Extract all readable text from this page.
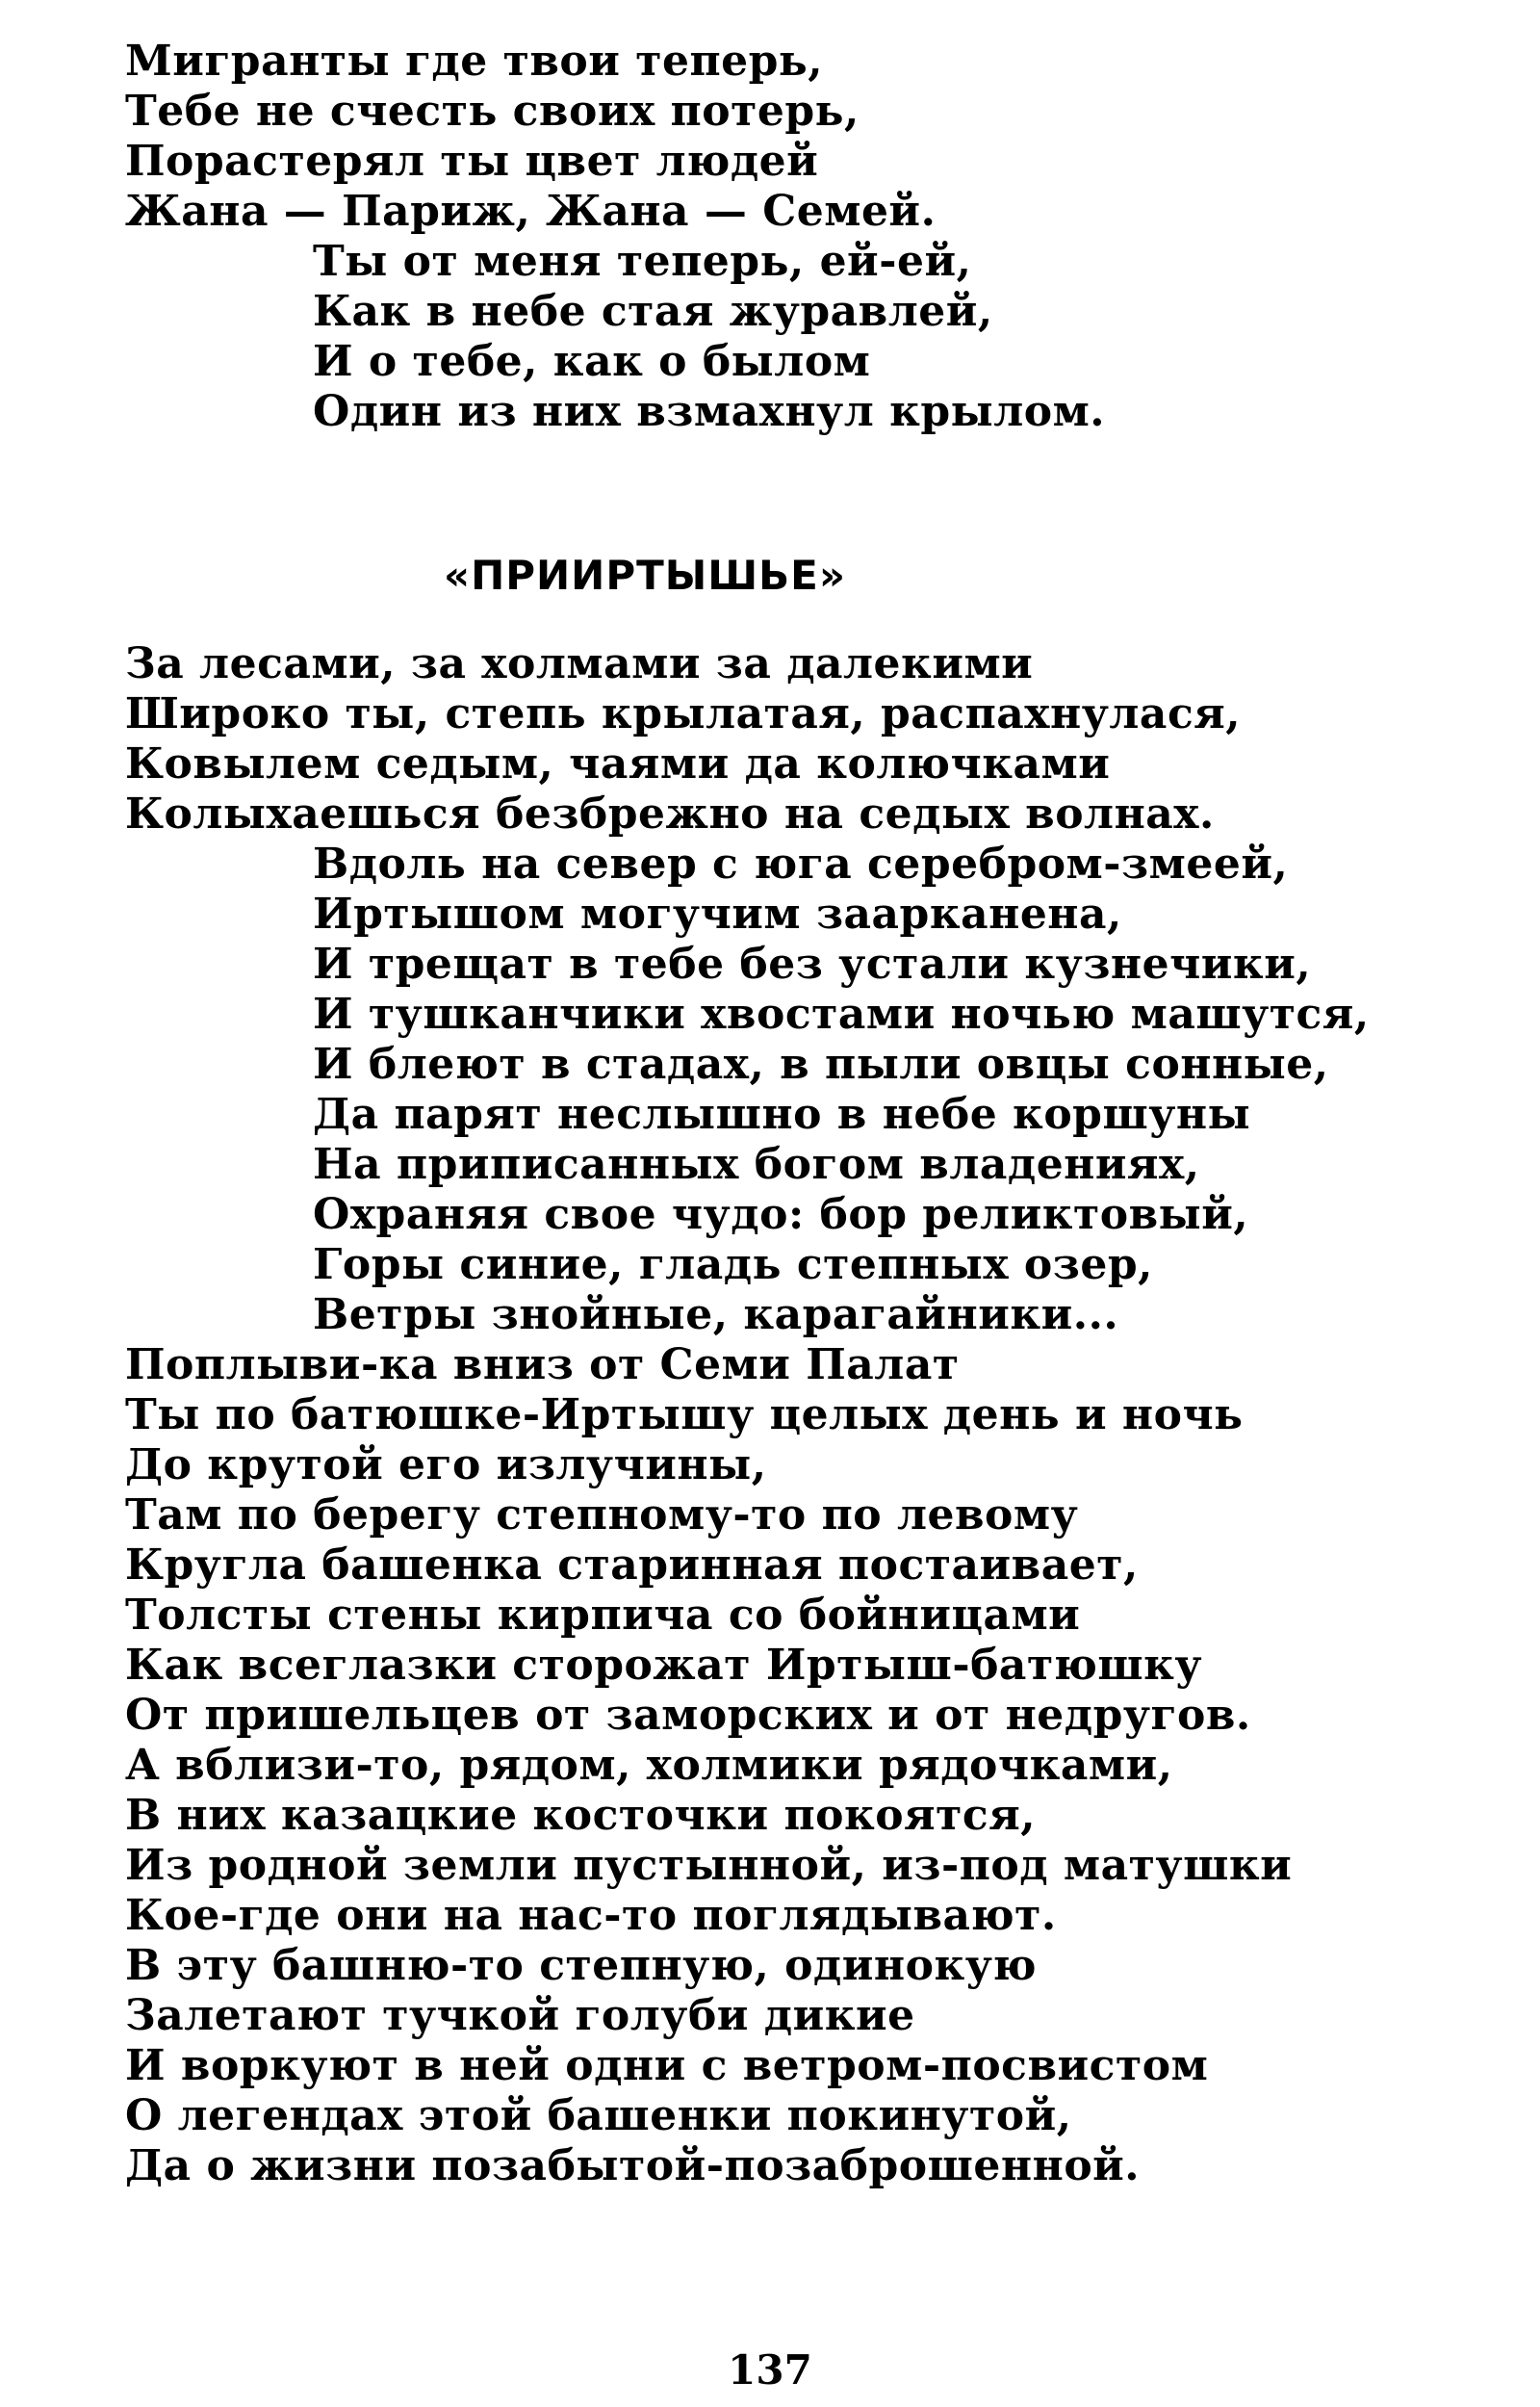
Мигранты где твои теперь,
Тебе не счесть своих потерь,
Порастерял ты цвет людей
Жана — Париж, Жана — Семей.
Ты от меня теперь, ей-ей,
Как в небе стая журавлей,
И о тебе, как о былом
Один из них взмахнул крылом.
«ПРИИРТЫШЬЕ»
За лесами, за холмами за далекими
Широко ты, степь крылатая, распахнулася,
Ковылем седым, чаями да колючками
Колыхаешься безбрежно на седых волнах.
Вдоль на север с юга серебром-змеей,
Иртышом могучим заарканена,
И трещат в тебе без устали кузнечики,
И тушканчики хвостами ночью машутся,
И блеют в стадах, в пыли овцы сонные,
Да парят неслышно в небе коршуны
На приписанных богом владениях,
Охраняя свое чудо: бор реликтовый,
Горы синие, гладь степных озер,
Ветры знойные, карагайники...
Поплыви-ка вниз от Семи Палат
Ты по батюшке-Иртышу целых день и ночь
До крутой его излучины,
Там по берегу степному-то по левому
Кругла башенка старинная постаивает,
Толсты стены кирпича со бойницами
Как всеглазки сторожат Иртыш-батюшку
От пришельцев от заморских и от недругов.
А вблизи-то, рядом, холмики рядочками,
В них казацкие косточки покоятся,
Из родной земли пустынной, из-под матушки
Кое-где они на нас-то поглядывают.
В эту башню-то степную, одинокую
Залетают тучкой голуби дикие
И воркуют в ней одни с ветром-посвистом
О легендах этой башенки покинутой,
Да о жизни позабытой-позаброшенной.
137
